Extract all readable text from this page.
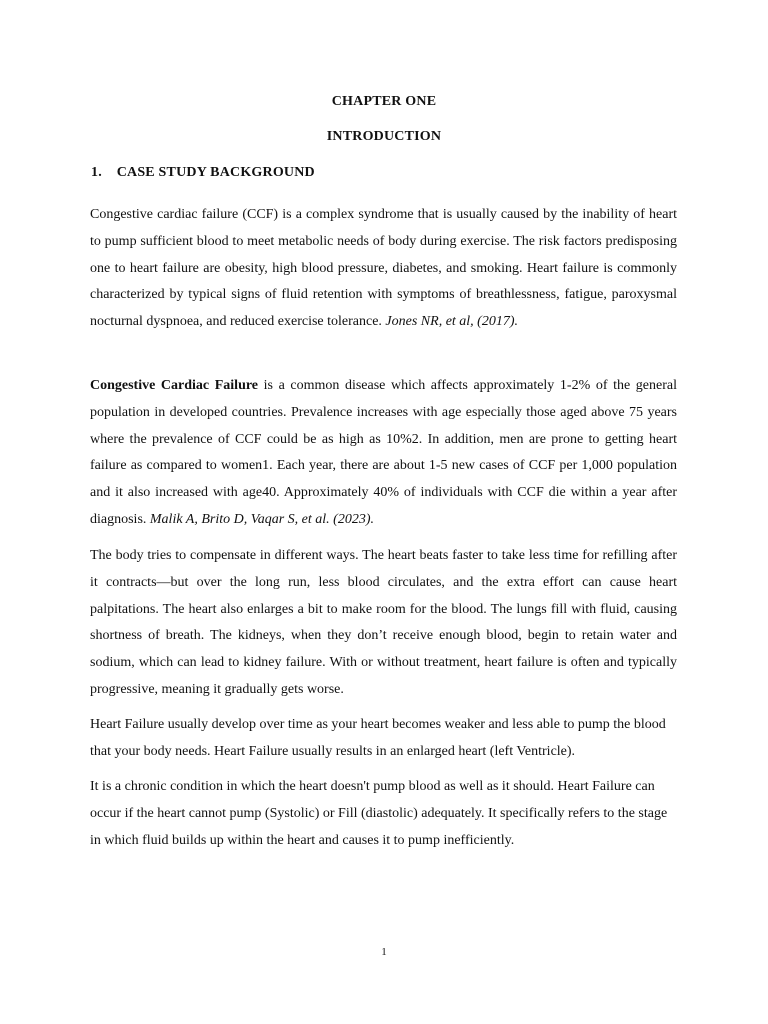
CHAPTER ONE
INTRODUCTION
1. CASE STUDY BACKGROUND

Congestive cardiac failure (CCF) is a complex syndrome that is usually caused by the inability of heart to pump sufficient blood to meet metabolic needs of body during exercise. The risk factors predisposing one to heart failure are obesity, high blood pressure, diabetes, and smoking. Heart failure is commonly characterized by typical signs of fluid retention with symptoms of breathlessness, fatigue, paroxysmal nocturnal dyspnoea, and reduced exercise tolerance. Jones NR, et al, (2017).

Congestive Cardiac Failure is a common disease which affects approximately 1-2% of the general population in developed countries. Prevalence increases with age especially those aged above 75 years where the prevalence of CCF could be as high as 10%2. In addition, men are prone to getting heart failure as compared to women1. Each year, there are about 1-5 new cases of CCF per 1,000 population and it also increased with age40. Approximately 40% of individuals with CCF die within a year after diagnosis. Malik A, Brito D, Vaqar S, et al. (2023).

The body tries to compensate in different ways. The heart beats faster to take less time for refilling after it contracts—but over the long run, less blood circulates, and the extra effort can cause heart palpitations. The heart also enlarges a bit to make room for the blood. The lungs fill with fluid, causing shortness of breath. The kidneys, when they don’t receive enough blood, begin to retain water and sodium, which can lead to kidney failure. With or without treatment, heart failure is often and typically progressive, meaning it gradually gets worse.

Heart Failure usually develop over time as your heart becomes weaker and less able to pump the blood that your body needs. Heart Failure usually results in an enlarged heart (left Ventricle).

It is a chronic condition in which the heart doesn't pump blood as well as it should. Heart Failure can occur if the heart cannot pump (Systolic) or Fill (diastolic) adequately. It specifically refers to the stage in which fluid builds up within the heart and causes it to pump inefficiently.

1
